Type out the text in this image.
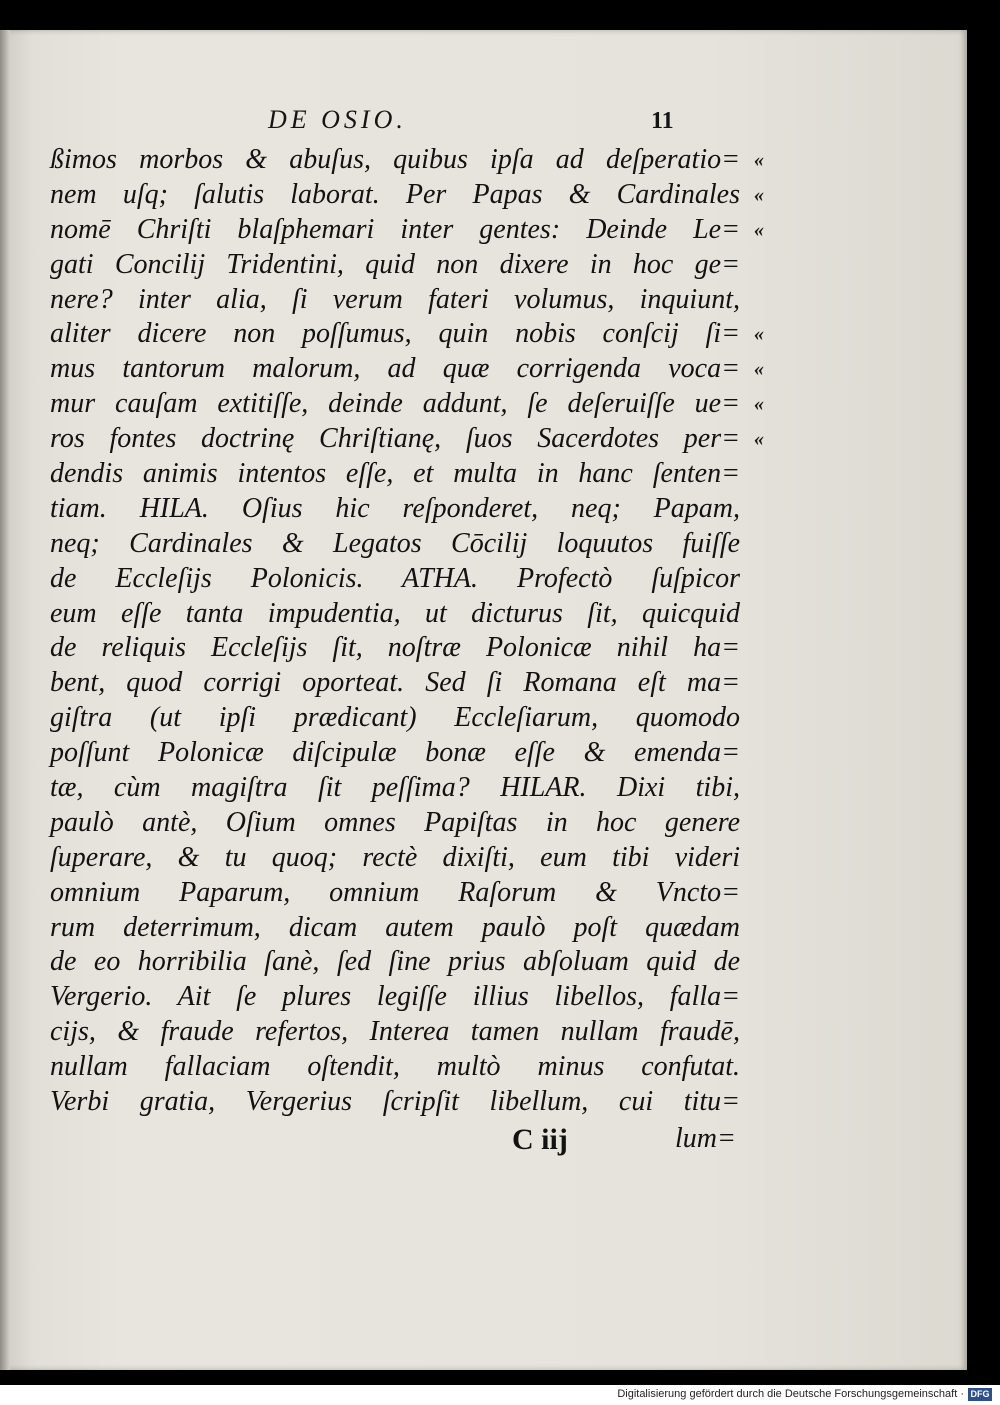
DE OSIO.	11
ßimos morbos & abuſus, quibus ipſa ad deſperatio= «
nem uſq; ſalutis laborat. Per Papas & Cardinales «
nomē Chriſti blaſphemari inter gentes: Deinde Le= «
gati Concilij Tridentini, quid non dixere in hoc ge=
nere? inter alia, ſi verum fateri volumus, inquiunt,
aliter dicere non poſſumus, quin nobis conſcij ſi= «
mus tantorum malorum, ad quæ corrigenda voca= «
mur cauſam extitiſſe, deinde addunt, ſe deſeruiſſe ue= «
ros fontes doctrinę Chriſtianę, ſuos Sacerdotes per= «
dendis animis intentos eſſe, et multa in hanc ſenten=
tiam. HILA. Oſius hic reſponderet, neq; Papam,
neq; Cardinales & Legatos Cōcilij loquutos fuiſſe
de Eccleſijs Polonicis. ATHA. Profectò ſuſpicor
eum eſſe tanta impudentia, ut dicturus ſit, quicquid
de reliquis Eccleſijs ſit, noſtræ Polonicæ nihil ha=
bent, quod corrigi oporteat. Sed ſi Romana eſt ma=
giſtra (ut ipſi prædicant) Eccleſiarum, quomodo
poſſunt Polonicæ diſcipulæ bonæ eſſe & emenda=
tæ, cùm magiſtra ſit peſſima? HILAR. Dixi tibi,
paulò antè, Oſium omnes Papiſtas in hoc genere
ſuperare, & tu quoq; rectè dixiſti, eum tibi videri
omnium Paparum, omnium Raſorum & Vncto=
rum deterrimum, dicam autem paulò poſt quædam
de eo horribilia ſanè, ſed ſine prius abſoluam quid de
Vergerio. Ait ſe plures legiſſe illius libellos, falla=
cijs, & fraude refertos, Interea tamen nullam fraudē,
nullam fallaciam oſtendit, multò minus confutat.
Verbi gratia, Vergerius ſcripſit libellum, cui titu=
C iij	lum=
Digitalisierung gefördert durch die Deutsche Forschungsgemeinschaft · DFG
